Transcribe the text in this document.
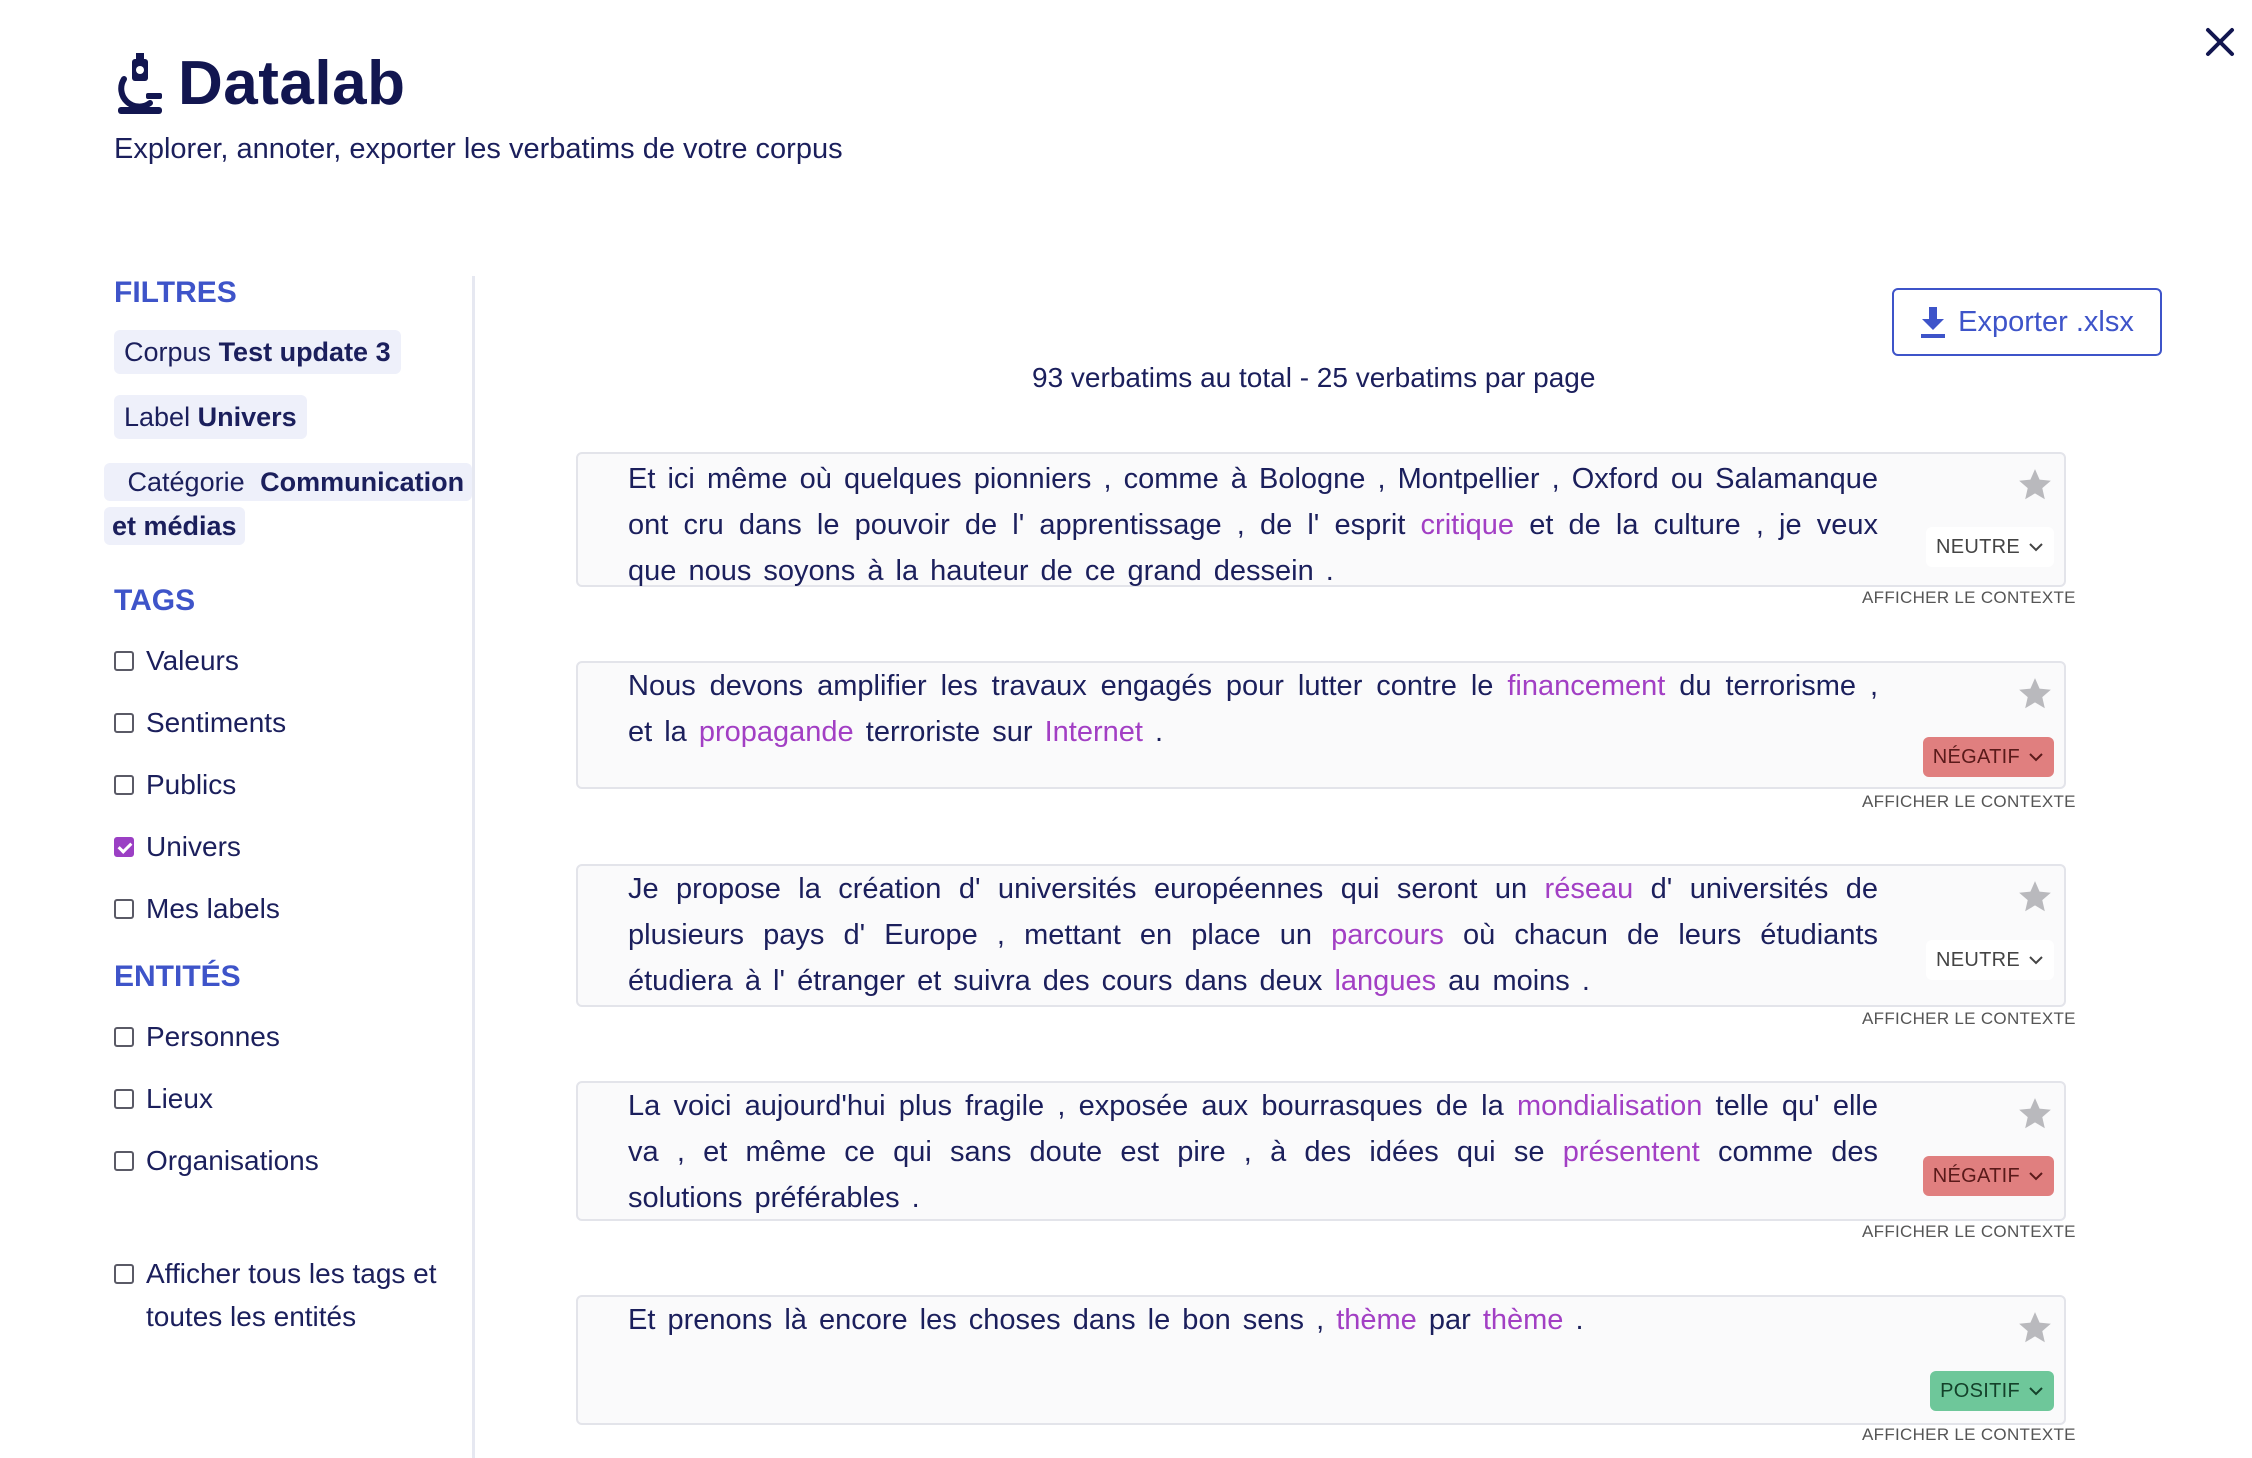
Datalab
Explorer, annoter, exporter les verbatims de votre corpus
FILTRES
Corpus Test update 3
Label Univers
Catégorie Communication et médias
TAGS
Valeurs
Sentiments
Publics
Univers
Mes labels
ENTITÉS
Personnes
Lieux
Organisations
Afficher tous les tags et toutes les entités
Exporter .xlsx
93 verbatims au total - 25 verbatims par page
Et ici même où quelques pionniers , comme à Bologne , Montpellier , Oxford ou Salamanque ont cru dans le pouvoir de l' apprentissage , de l' esprit critique et de la culture , je veux que nous soyons à la hauteur de ce grand dessein .
NEUTRE
AFFICHER LE CONTEXTE
Nous devons amplifier les travaux engagés pour lutter contre le financement du terrorisme , et la propagande terroriste sur Internet .
NÉGATIF
AFFICHER LE CONTEXTE
Je propose la création d' universités européennes qui seront un réseau d' universités de plusieurs pays d' Europe , mettant en place un parcours où chacun de leurs étudiants étudiera à l' étranger et suivra des cours dans deux langues au moins .
NEUTRE
AFFICHER LE CONTEXTE
La voici aujourd'hui plus fragile , exposée aux bourrasques de la mondialisation telle qu' elle va , et même ce qui sans doute est pire , à des idées qui se présentent comme des solutions préférables .
NÉGATIF
AFFICHER LE CONTEXTE
Et prenons là encore les choses dans le bon sens , thème par thème .
POSITIF
AFFICHER LE CONTEXTE
